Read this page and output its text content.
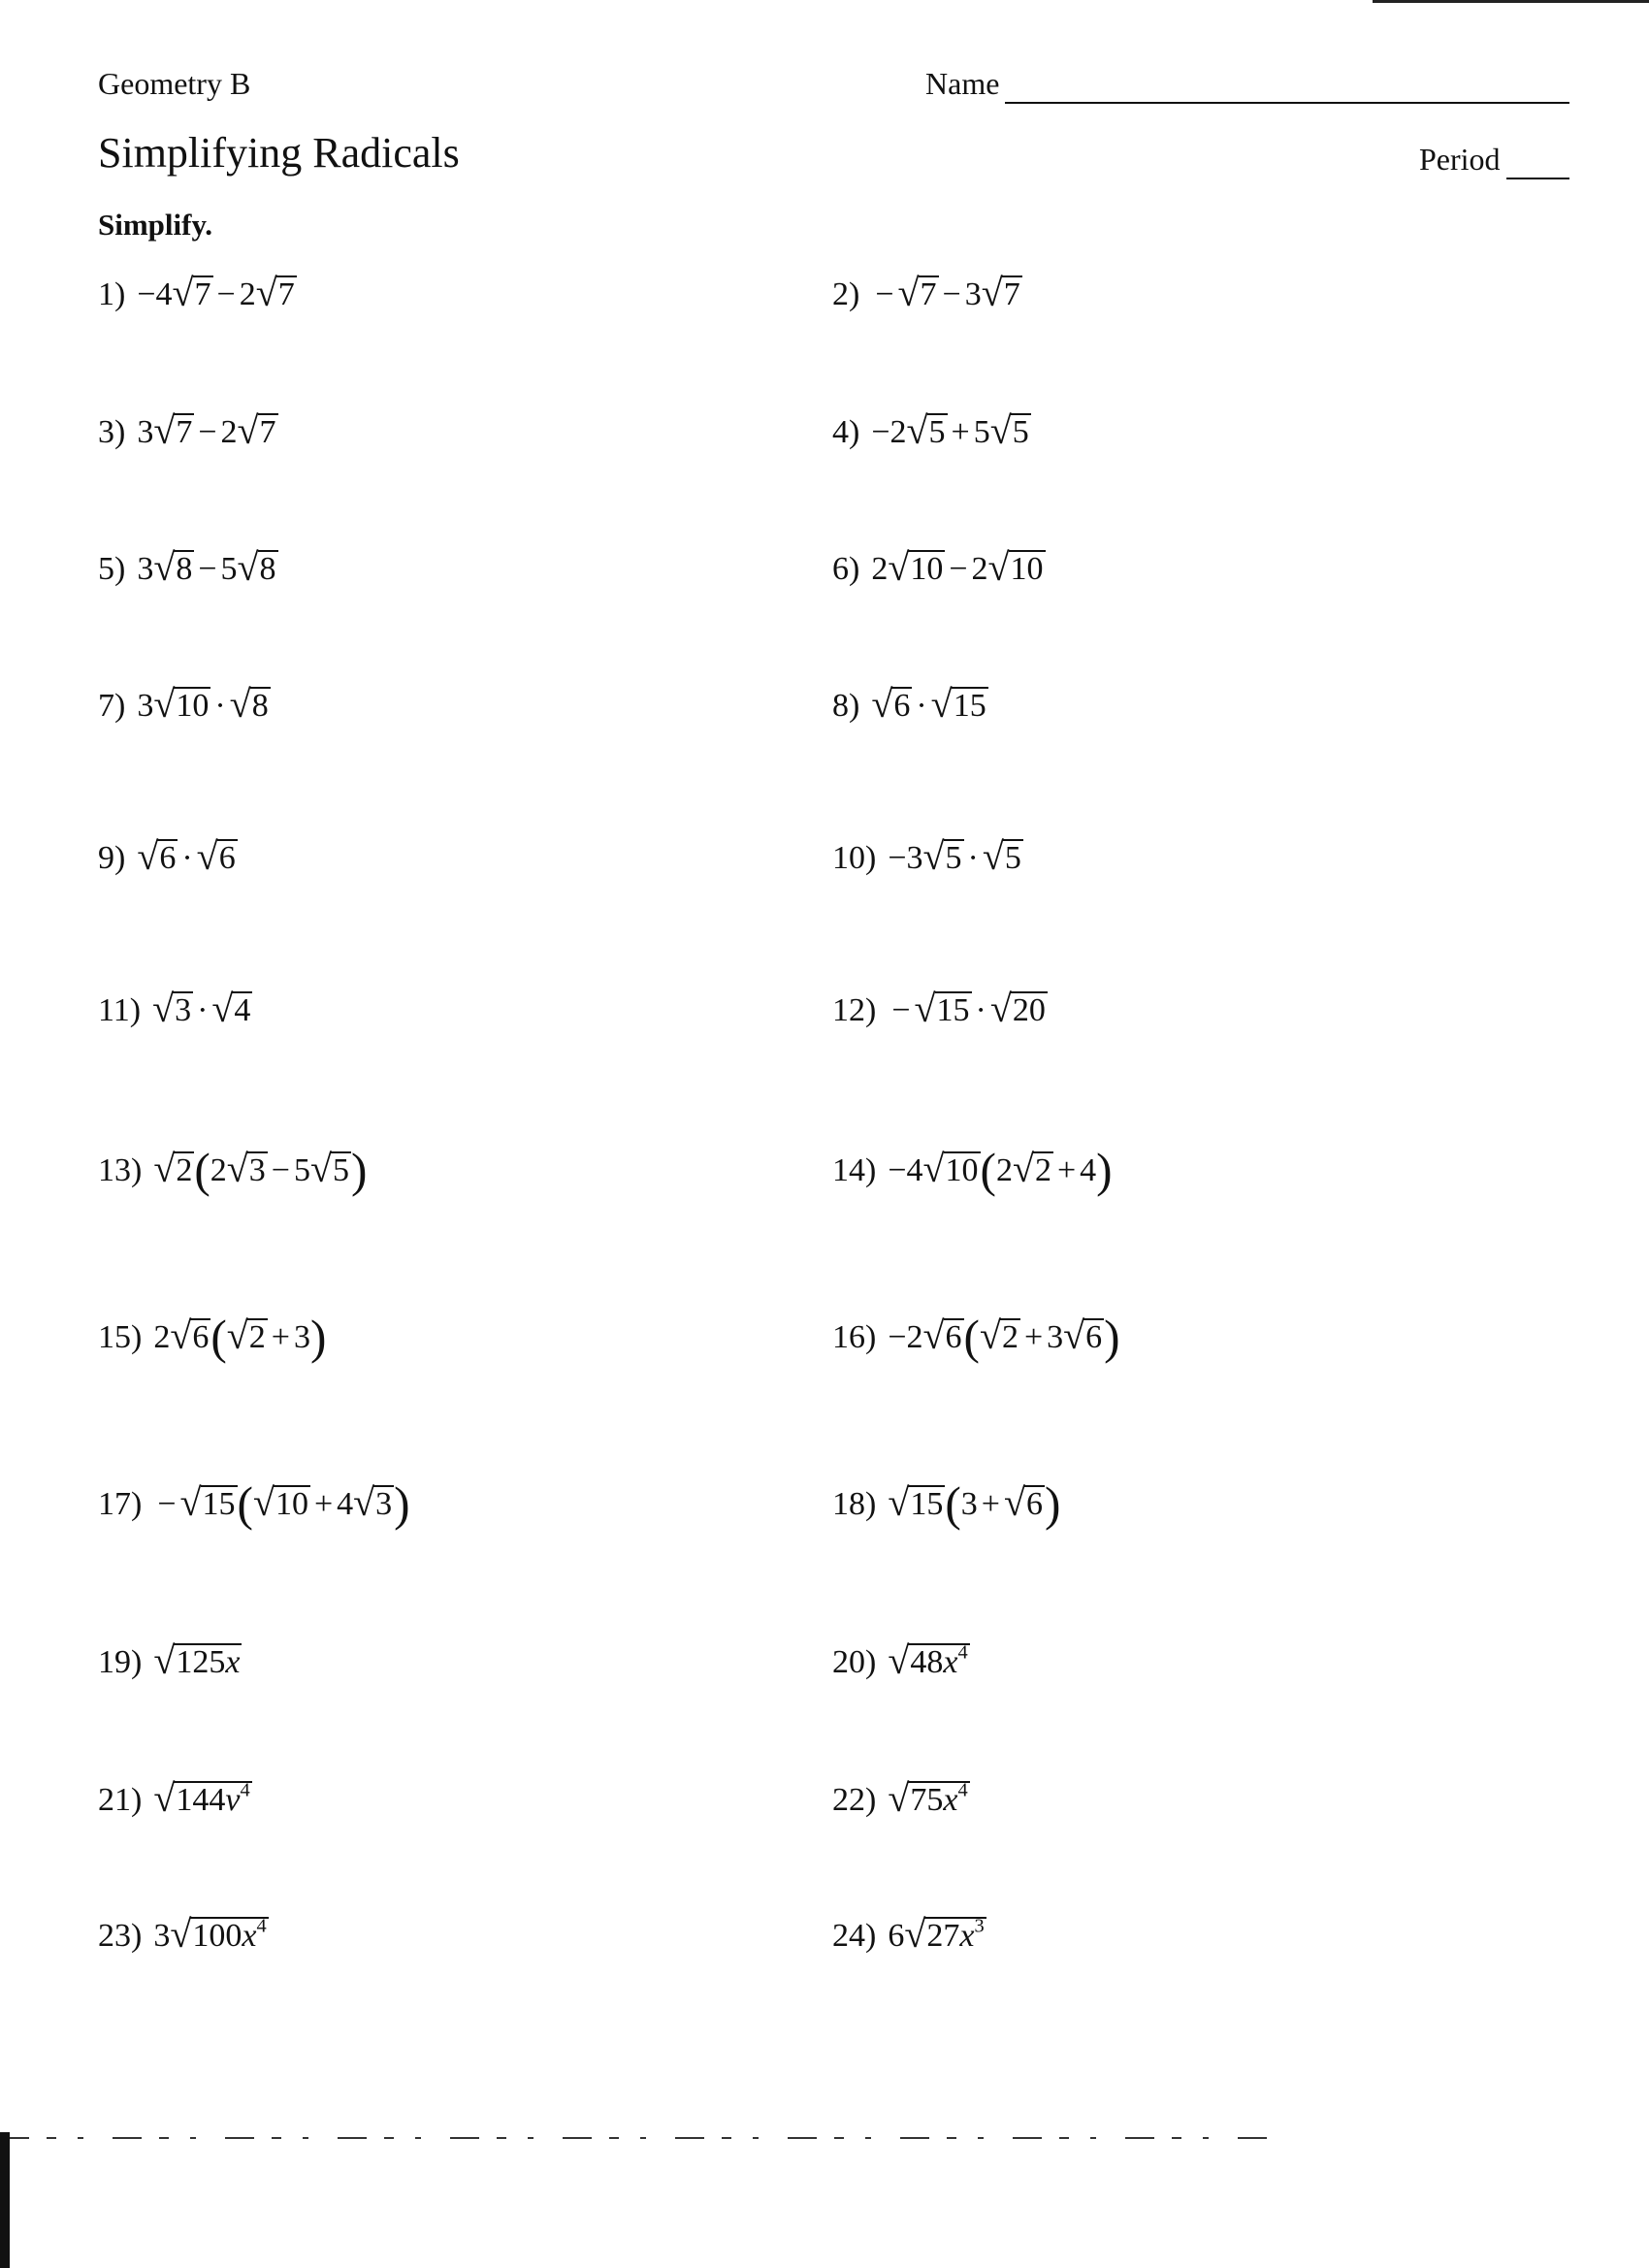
Geometry B
Simplifying Radicals
Simplify.
Name
Period
1) −4√7 − 2√7	2) −√7 − 3√7
3) 3√7 − 2√7	4) −2√5 + 5√5
5) 3√8 − 5√8	6) 2√10 − 2√10
7) 3√10 ·√8	8) √6 ·√15
9) √6 ·√6	10) −3√5 ·√5
11) √3 ·√4	12) −√15 ·√20
13) √2(2√3 − 5√5)	14) −4√10(2√2 + 4)
15) 2√6(√2 + 3)	16) −2√6(√2 + 3√6)
17) −√15(√10 + 4√3)	18) √15(3 +√6)
19) √125x	20) $√48x^4$
21) $√144v^4$	22) $√75x^4$
23) $3√100x^4$	24) $6√27x^3$
